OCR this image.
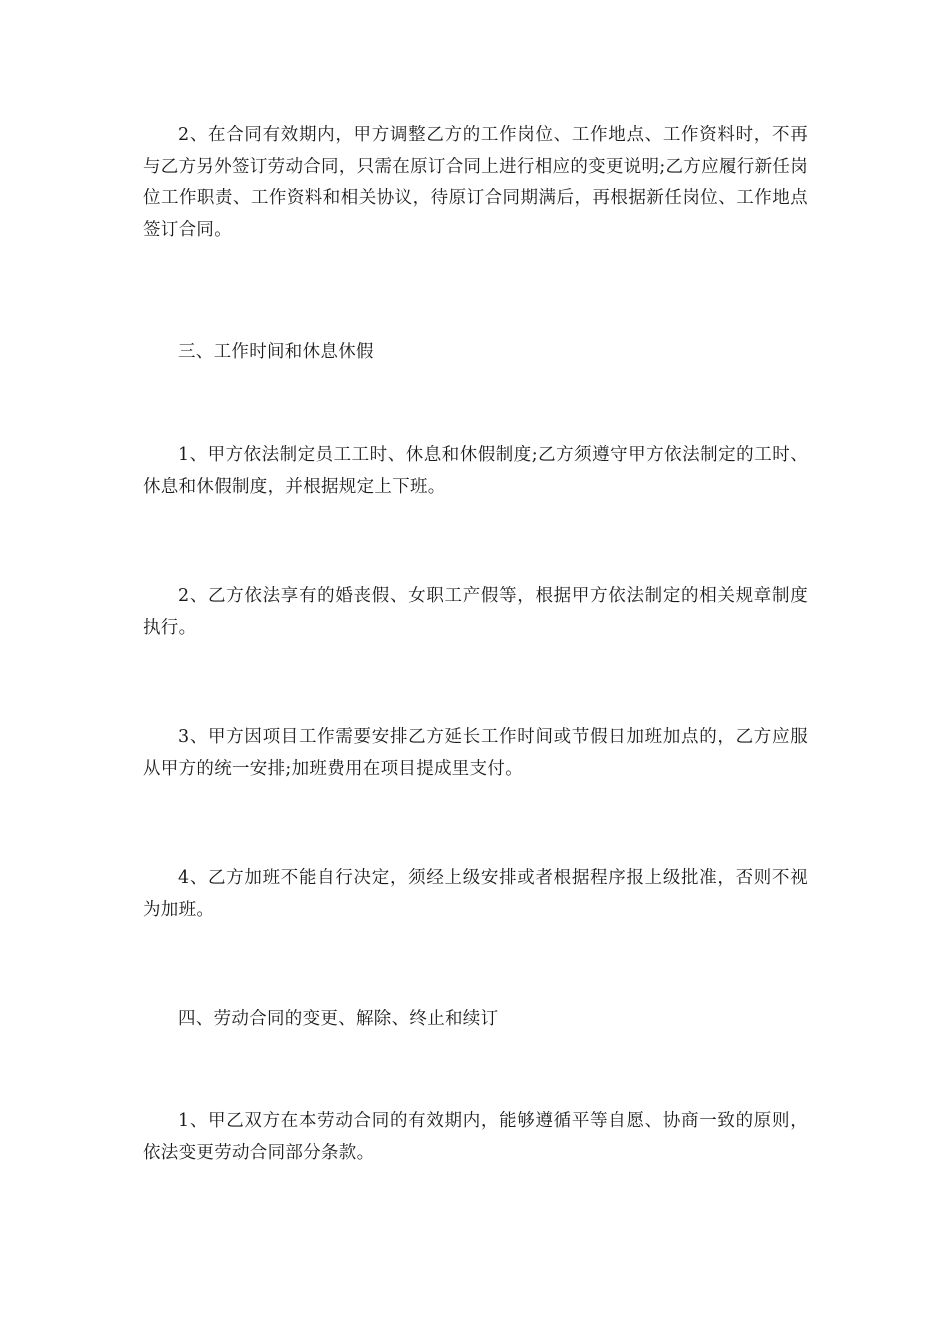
2、在合同有效期内，甲方调整乙方的工作岗位、工作地点、工作资料时，不再与乙方另外签订劳动合同，只需在原订合同上进行相应的变更说明;乙方应履行新任岗位工作职责、工作资料和相关协议，待原订合同期满后，再根据新任岗位、工作地点签订合同。

三、工作时间和休息休假

1、甲方依法制定员工工时、休息和休假制度;乙方须遵守甲方依法制定的工时、休息和休假制度，并根据规定上下班。

2、乙方依法享有的婚丧假、女职工产假等，根据甲方依法制定的相关规章制度执行。

3、甲方因项目工作需要安排乙方延长工作时间或节假日加班加点的，乙方应服从甲方的统一安排;加班费用在项目提成里支付。

4、乙方加班不能自行决定，须经上级安排或者根据程序报上级批准，否则不视为加班。

四、劳动合同的变更、解除、终止和续订

1、甲乙双方在本劳动合同的有效期内，能够遵循平等自愿、协商一致的原则，依法变更劳动合同部分条款。
